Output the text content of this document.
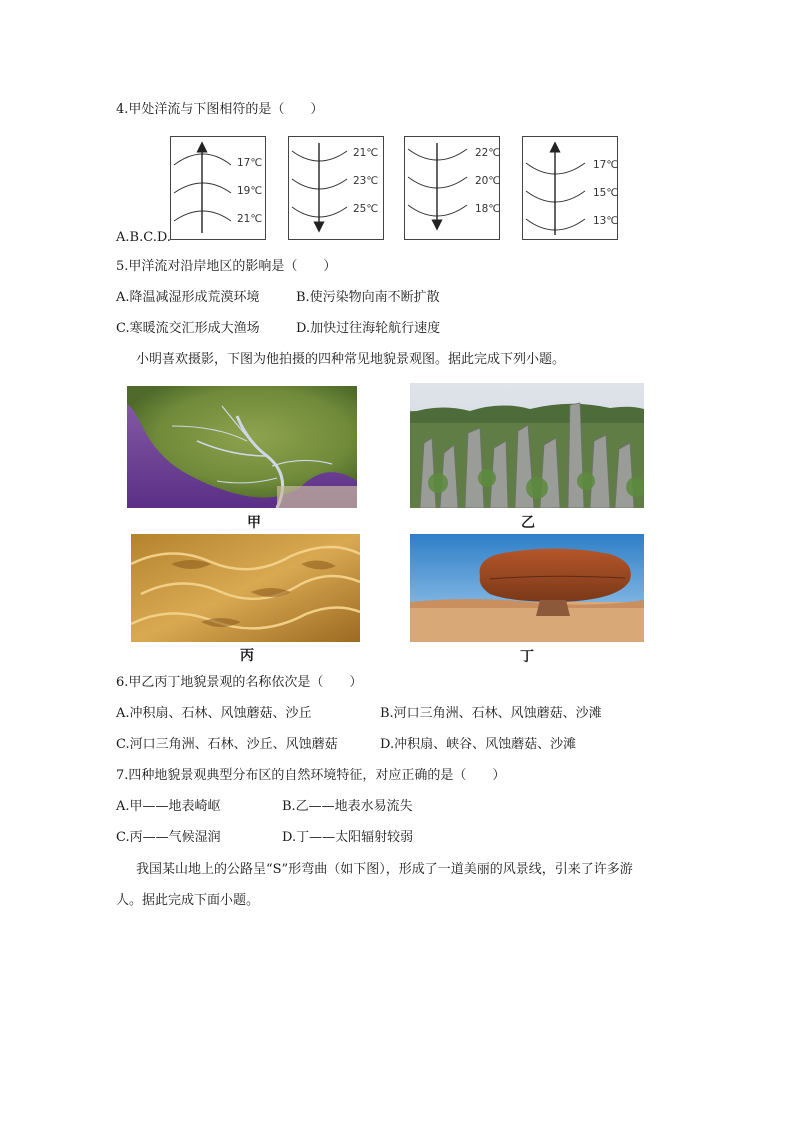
4.甲处洋流与下图相符的是（　　）
17℃
19℃
21℃
21℃
23℃
25℃
22℃
20℃
18℃
17℃
15℃
13℃
A.B.C.D.
5.甲洋流对沿岸地区的影响是（　　）
A.降温减湿形成荒漠环境	B.使污染物向南不断扩散
C.寒暖流交汇形成大渔场	D.加快过往海轮航行速度
小明喜欢摄影，下图为他拍摄的四种常见地貌景观图。据此完成下列小题。
甲	乙
丙	丁
6.甲乙丙丁地貌景观的名称依次是（　　）
A.冲积扇、石林、风蚀蘑菇、沙丘	B.河口三角洲、石林、风蚀蘑菇、沙滩
C.河口三角洲、石林、沙丘、风蚀蘑菇	D.冲积扇、峡谷、风蚀蘑菇、沙滩
7.四种地貌景观典型分布区的自然环境特征，对应正确的是（　　）
A.甲——地表崎岖	B.乙——地表水易流失
C.丙——气候湿润	D.丁——太阳辐射较弱
我国某山地上的公路呈“S”形弯曲（如下图），形成了一道美丽的风景线，引来了许多游
人。据此完成下面小题。
